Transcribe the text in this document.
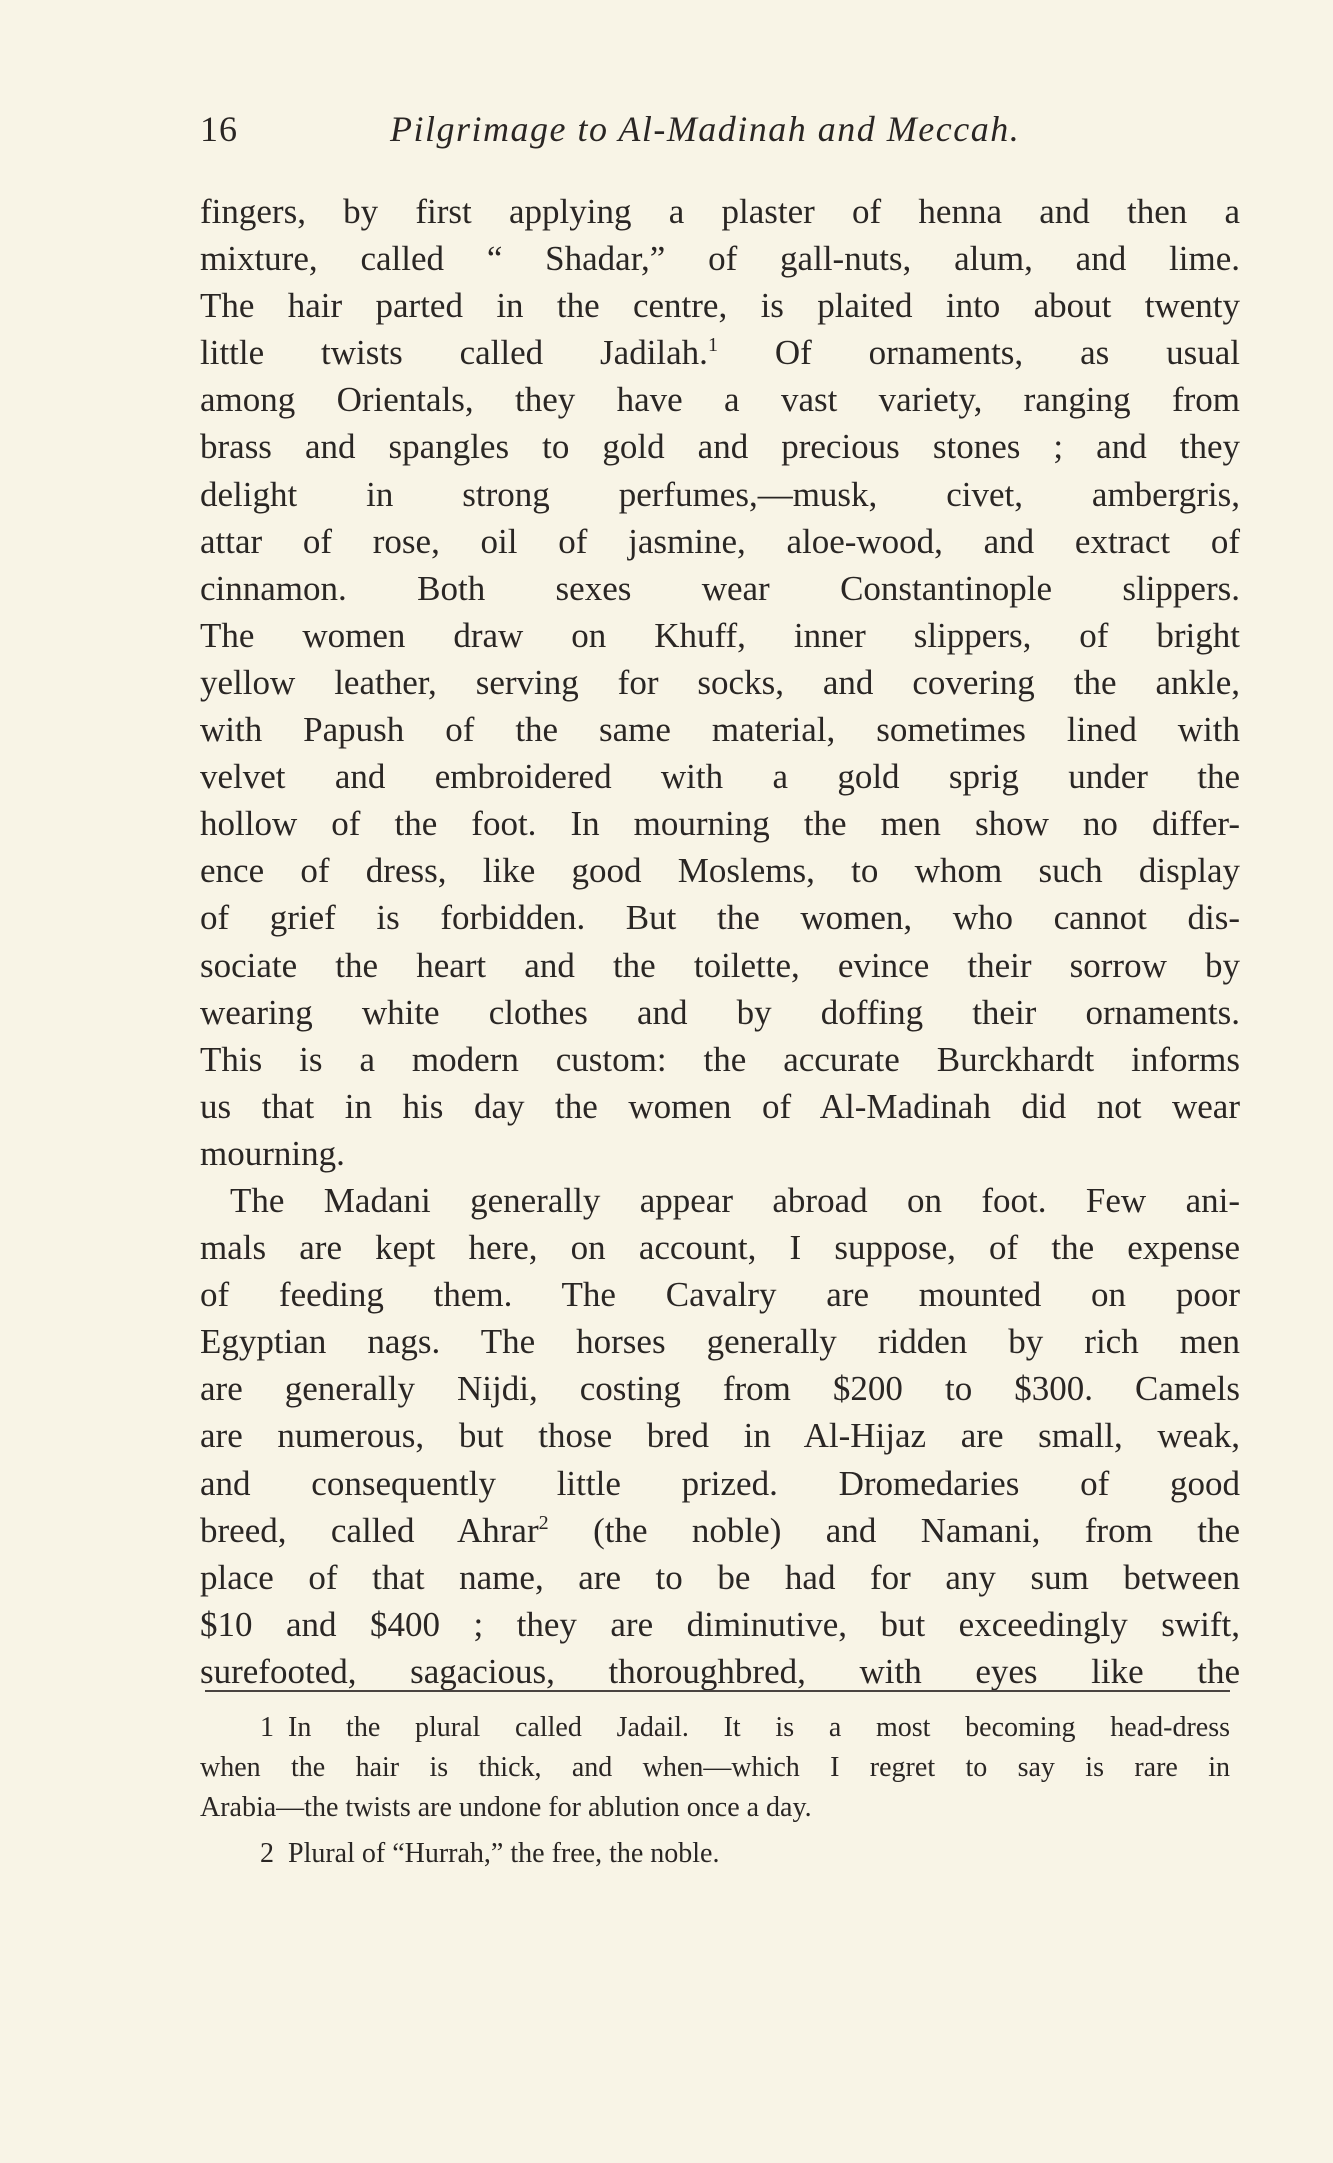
16	Pilgrimage to Al-Madinah and Meccah.
fingers, by first applying a plaster of henna and then a
mixture, called “ Shadar,” of gall-nuts, alum, and lime.
The hair parted in the centre, is plaited into about twenty
little twists called Jadilah.$^1$ Of ornaments, as usual
among Orientals, they have a vast variety, ranging from
brass and spangles to gold and precious stones ; and they
delight in strong perfumes,—musk, civet, ambergris,
attar of rose, oil of jasmine, aloe-wood, and extract of
cinnamon. Both sexes wear Constantinople slippers.
The women draw on Khuff, inner slippers, of bright
yellow leather, serving for socks, and covering the ankle,
with Papush of the same material, sometimes lined with
velvet and embroidered with a gold sprig under the
hollow of the foot. In mourning the men show no differ-
ence of dress, like good Moslems, to whom such display
of grief is forbidden. But the women, who cannot dis-
sociate the heart and the toilette, evince their sorrow by
wearing white clothes and by doffing their ornaments.
This is a modern custom: the accurate Burckhardt informs
us that in his day the women of Al-Madinah did not wear
mourning.
The Madani generally appear abroad on foot. Few ani-
mals are kept here, on account, I suppose, of the expense
of feeding them. The Cavalry are mounted on poor
Egyptian nags. The horses generally ridden by rich men
are generally Nijdi, costing from $200 to $300. Camels
are numerous, but those bred in Al-Hijaz are small, weak,
and consequently little prized. Dromedaries of good
breed, called Ahrar$^2$ (the noble) and Namani, from the
place of that name, are to be had for any sum between
$10 and $400 ; they are diminutive, but exceedingly swift,
surefooted, sagacious, thoroughbred, with eyes like the
1 In the plural called Jadail. It is a most becoming head-dress
when the hair is thick, and when—which I regret to say is rare in
Arabia—the twists are undone for ablution once a day.
2 Plural of “Hurrah,” the free, the noble.
